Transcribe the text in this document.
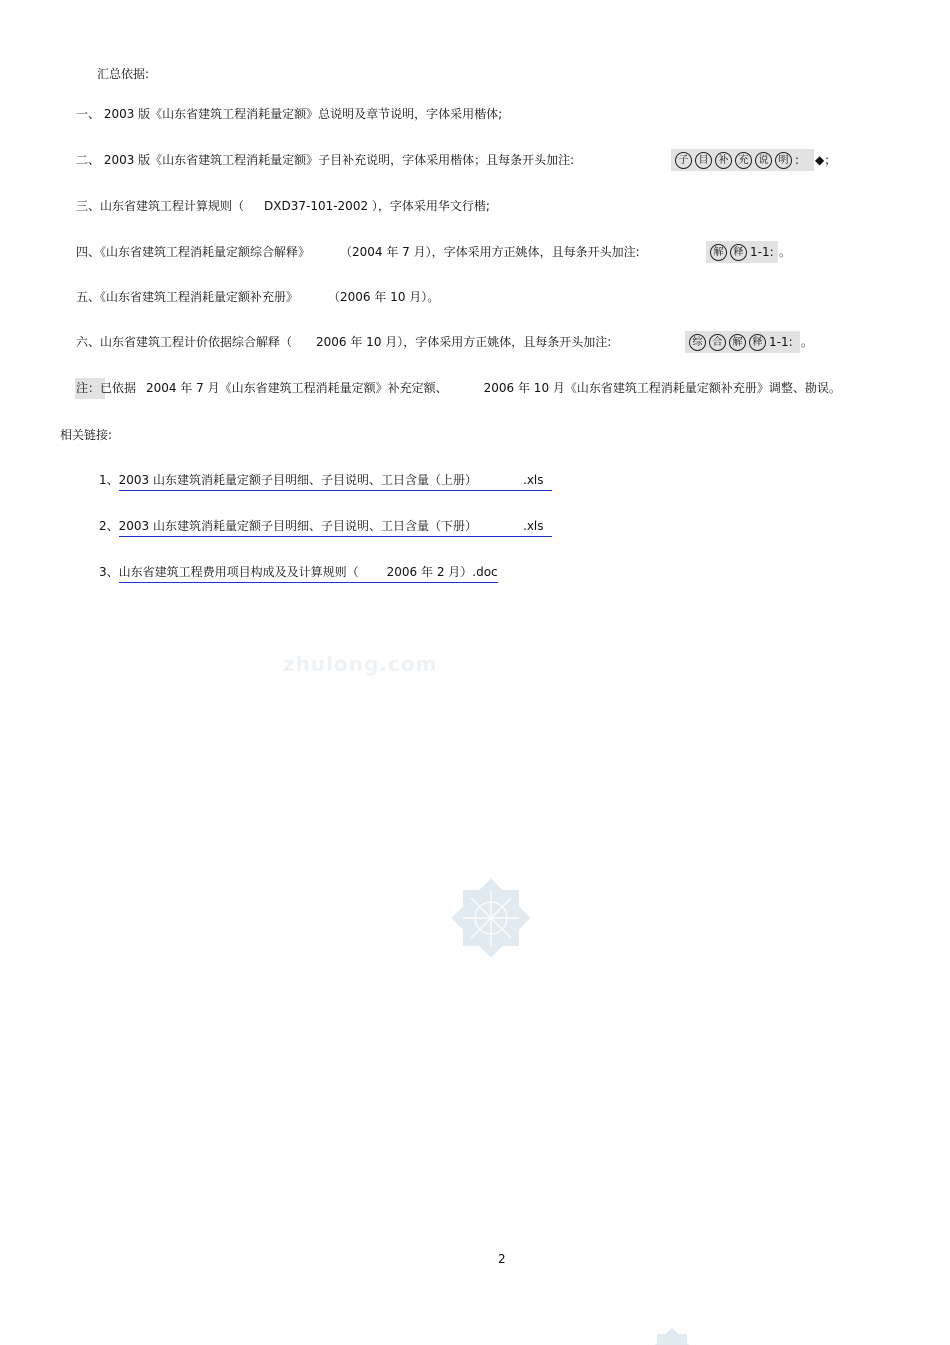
汇总依据:
一、 2003 版《山东省建筑工程消耗量定额》总说明及章节说明，字体采用楷体;
二、 2003 版《山东省建筑工程消耗量定额》子目补充说明，字体采用楷体；且每条开头加注:	子	目	补	充	说	明 : ◆；
三、山东省建筑工程计算规则（ DXD37-101-2002 ），字体采用华文行楷;
四、《山东省建筑工程消耗量定额综合解释》	（2004 年 7 月），字体采用方正姚体，且每条开头加注:	解	释 1-1: 。
五、《山东省建筑工程消耗量定额补充册》	（2006 年 10 月）。
六、山东省建筑工程计价依据综合解释（ 2006 年 10 月），字体采用方正姚体，且每条开头加注:	综	合	解	释 1-1: 。
注：已依据 2004 年 7 月《山东省建筑工程消耗量定额》补充定额、	2006 年 10 月《山东省建筑工程消耗量定额补充册》调整、勘误。
相关链接:
1、2003 山东建筑消耗量定额子目明细、子目说明、工日含量（上册）	.xls
2、2003 山东建筑消耗量定额子目明细、子目说明、工日含量（下册）	.xls
3、山东省建筑工程费用项目构成及及计算规则（ 2006 年 2 月）.doc
zhulong.com
2
